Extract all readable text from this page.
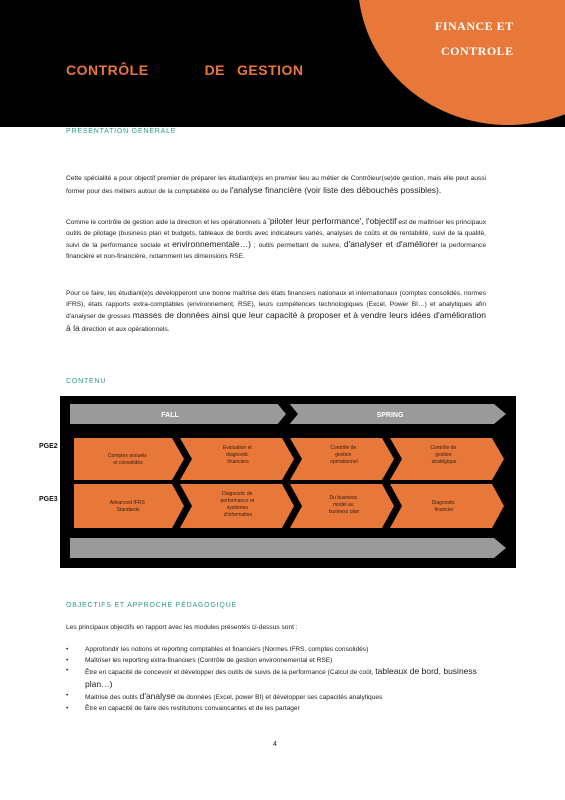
FINANCE ET
CONTROLE
CONTRÔLE	DE GESTION
PRÉSENTATION GÉNÉRALE
Cette spécialité a pour objectif premier de préparer les étudiant(e)s en premier lieu au métier de Contrôleur(se)de gestion, mais elle peut aussi former pour des métiers autour de la comptabilité ou de l'analyse financière (voir liste des débouchés possibles).
Comme le contrôle de gestion aide la direction et les opérationnels à 'piloter leur performance', l'objectif est de maîtriser les principaux outils de pilotage (business plan et budgets, tableaux de bords avec indicateurs variés, analyses de coûts et de rentabilité, suivi de la qualité, suivi de la performance sociale et environnementale…) ; outils permettant de suivre, d'analyser et d'améliorer la performance financière et non-financière, notamment les dimensions RSE.
Pour ce faire, les étudiant(e)s développeront une bonne maîtrise des états financiers nationaux et internationaux (comptes consolidés, normes IFRS), états rapports extra-comptables (environnement, RSE), leurs compétences technologiques (Excel, Power BI…) et analytiques afin d'analyser de grosses masses de données ainsi que leur capacité à proposer et à vendre leurs idées d'amélioration à la direction et aux opérationnels.
CONTENU
PGE2
PGE3
FALL	SPRING
Comptes annuels et consolidés
Evaluation et diagnostic financiers
Contrôle de gestion opérationnel
Contrôle de gestion stratégique
Advanced IFRS Standards
Diagnostic de performance et systèmes d'information
Du business model au business plan
Diagnostic financier
OBJECTIFS ET APPROCHE PÉDAGOGIQUE
Les principaux objectifs en rapport avec les modules présentés ci-dessus sont :
• Approfondir les notions et reporting comptables et financiers (Normes IFRS, comptes consolidés)
• Maîtriser les reporting extra-financiers (Contrôle de gestion environnemental et RSE)
• Être en capacité de concevoir et développer des outils de suivis de la performance (Calcul de coût, tableaux de bord, business plan…)
• Maitrise des outils d'analyse de données (Excel, power BI) et développer ses capacités analytiques
• Être en capacité de faire des restitutions convaincantes et de les partager
4
